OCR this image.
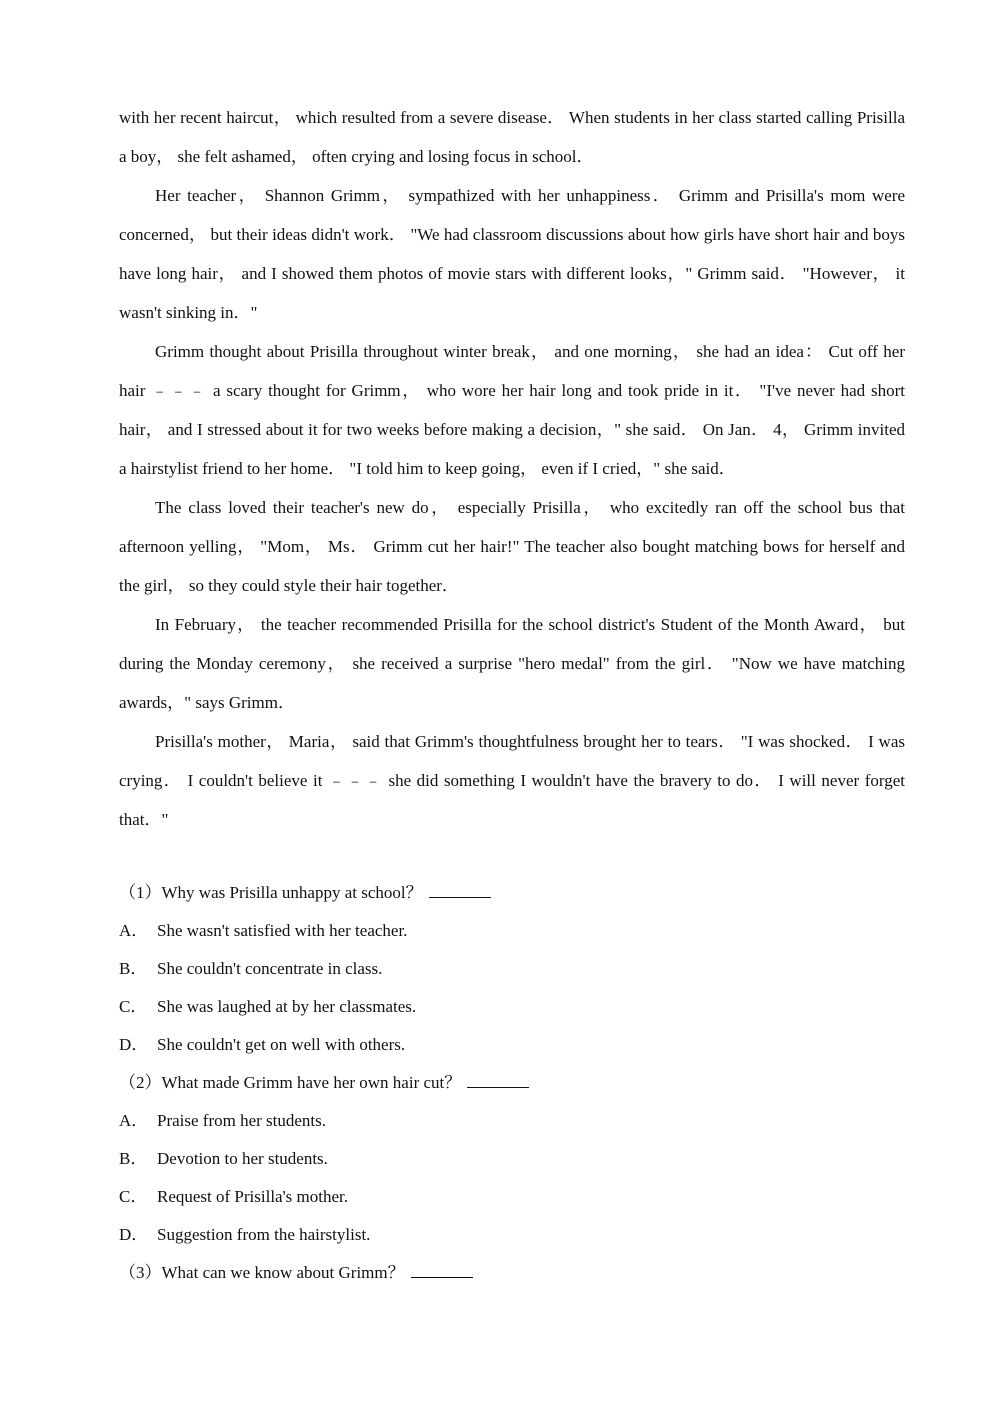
with her recent haircut， which resulted from a severe disease． When students in her class started calling Prisilla a boy， she felt ashamed， often crying and losing focus in school．

Her teacher， Shannon Grimm， sympathized with her unhappiness． Grimm and Prisilla's mom were concerned， but their ideas didn't work． "We had classroom discussions about how girls have short hair and boys have long hair， and I showed them photos of movie stars with different looks，" Grimm said． "However， it wasn't sinking in．"

Grimm thought about Prisilla throughout winter break， and one morning， she had an idea： Cut off her hair ﹣﹣﹣ a scary thought for Grimm， who wore her hair long and took pride in it． "I've never had short hair， and I stressed about it for two weeks before making a decision，" she said． On Jan． 4， Grimm invited a hairstylist friend to her home． "I told him to keep going， even if I cried，" she said．

The class loved their teacher's new do， especially Prisilla， who excitedly ran off the school bus that afternoon yelling， "Mom， Ms． Grimm cut her hair!" The teacher also bought matching bows for herself and the girl， so they could style their hair together．

In February， the teacher recommended Prisilla for the school district's Student of the Month Award， but during the Monday ceremony， she received a surprise "hero medal" from the girl． "Now we have matching awards，" says Grimm．

Prisilla's mother， Maria， said that Grimm's thoughtfulness brought her to tears． "I was shocked． I was crying． I couldn't believe it ﹣﹣﹣ she did something I wouldn't have the bravery to do． I will never forget that．"

（1）Why was Prisilla unhappy at school？

A． She wasn't satisfied with her teacher.

B． She couldn't concentrate in class.

C． She was laughed at by her classmates.

D． She couldn't get on well with others.

（2）What made Grimm have her own hair cut？

A． Praise from her students.

B． Devotion to her students.

C． Request of Prisilla's mother.

D． Suggestion from the hairstylist.

（3）What can we know about Grimm？
